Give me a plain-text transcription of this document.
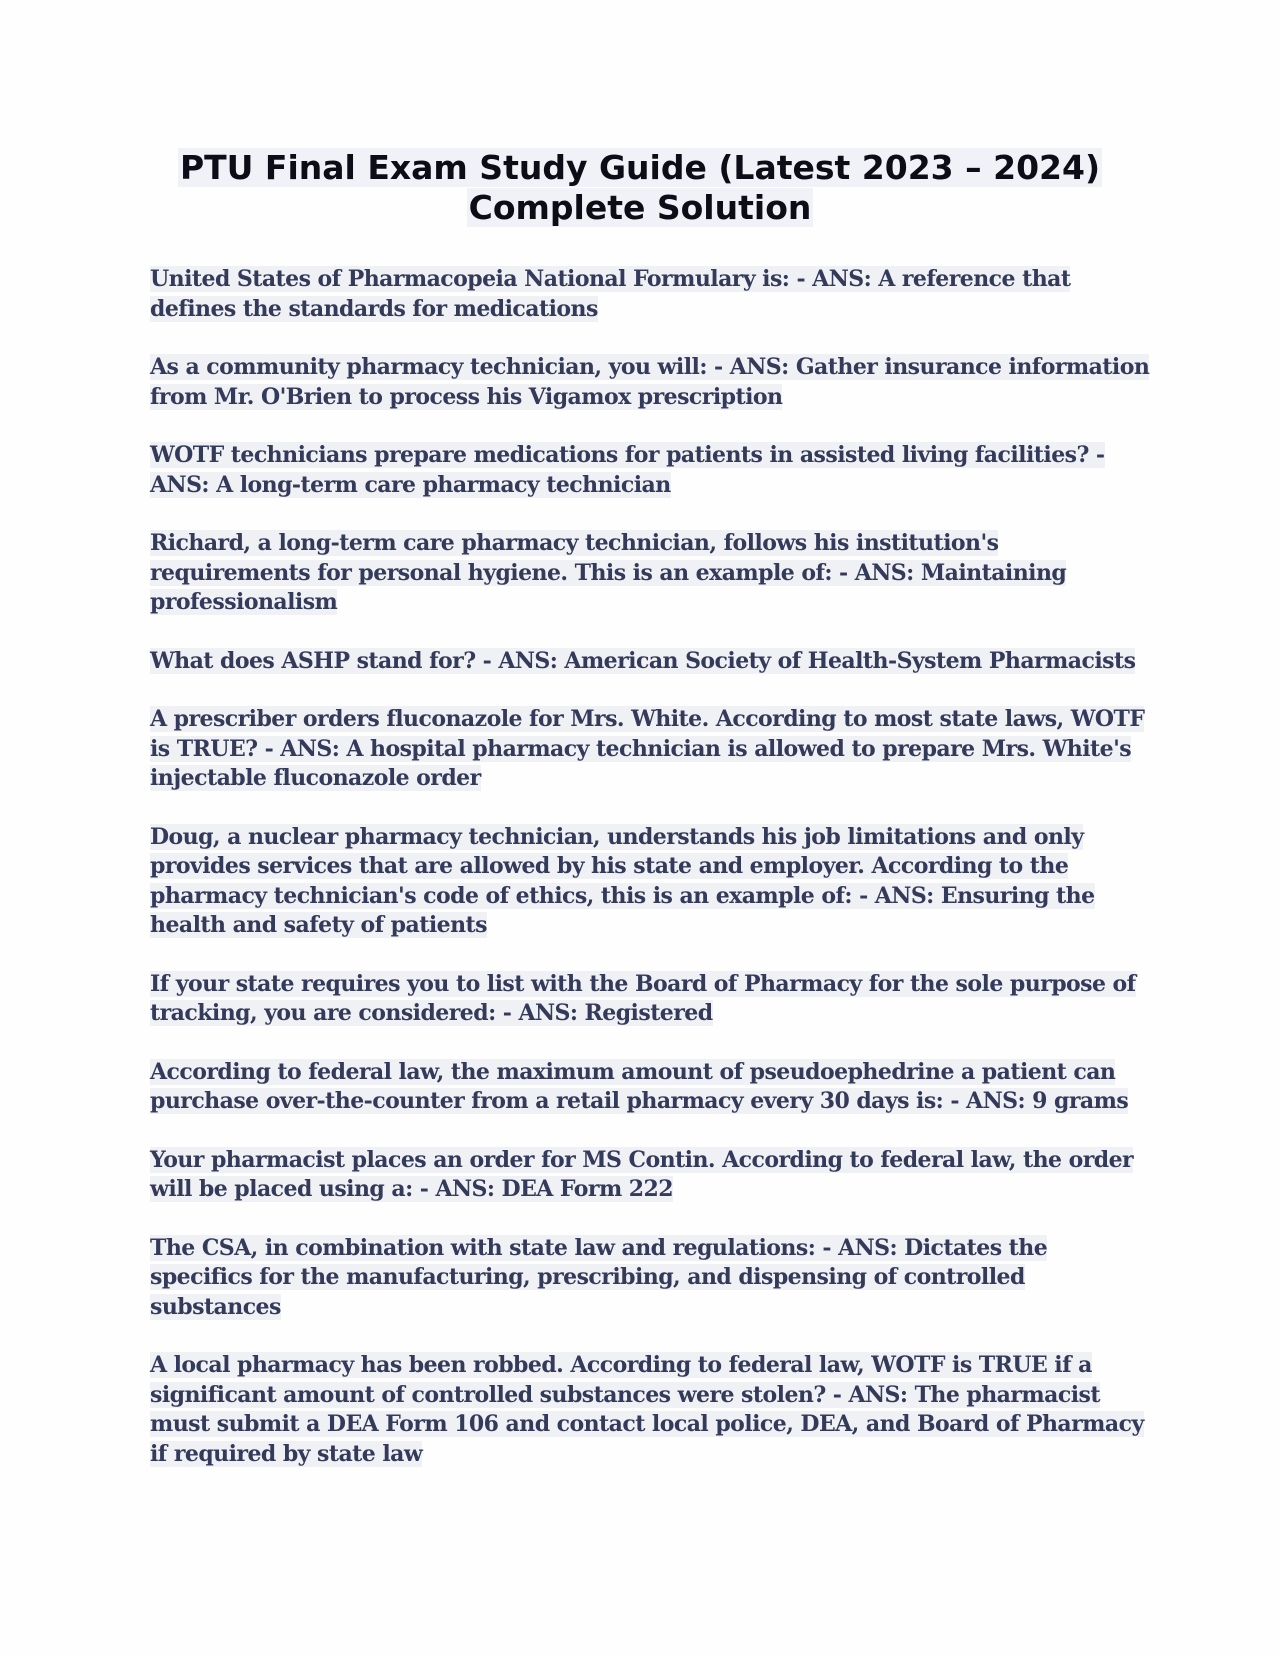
PTU Final Exam Study Guide (Latest 2023 – 2024)
Complete Solution

United States of Pharmacopeia National Formulary is: - ANS: A reference that defines the standards for medications

As a community pharmacy technician, you will: - ANS: Gather insurance information from Mr. O'Brien to process his Vigamox prescription

WOTF technicians prepare medications for patients in assisted living facilities? - ANS: A long-term care pharmacy technician

Richard, a long-term care pharmacy technician, follows his institution's requirements for personal hygiene. This is an example of: - ANS: Maintaining professionalism

What does ASHP stand for? - ANS: American Society of Health-System Pharmacists

A prescriber orders fluconazole for Mrs. White. According to most state laws, WOTF is TRUE? - ANS: A hospital pharmacy technician is allowed to prepare Mrs. White's injectable fluconazole order

Doug, a nuclear pharmacy technician, understands his job limitations and only provides services that are allowed by his state and employer. According to the pharmacy technician's code of ethics, this is an example of: - ANS: Ensuring the health and safety of patients

If your state requires you to list with the Board of Pharmacy for the sole purpose of tracking, you are considered: - ANS: Registered

According to federal law, the maximum amount of pseudoephedrine a patient can purchase over-the-counter from a retail pharmacy every 30 days is: - ANS: 9 grams

Your pharmacist places an order for MS Contin. According to federal law, the order will be placed using a: - ANS: DEA Form 222

The CSA, in combination with state law and regulations: - ANS: Dictates the specifics for the manufacturing, prescribing, and dispensing of controlled substances

A local pharmacy has been robbed. According to federal law, WOTF is TRUE if a significant amount of controlled substances were stolen? - ANS: The pharmacist must submit a DEA Form 106 and contact local police, DEA, and Board of Pharmacy if required by state law
